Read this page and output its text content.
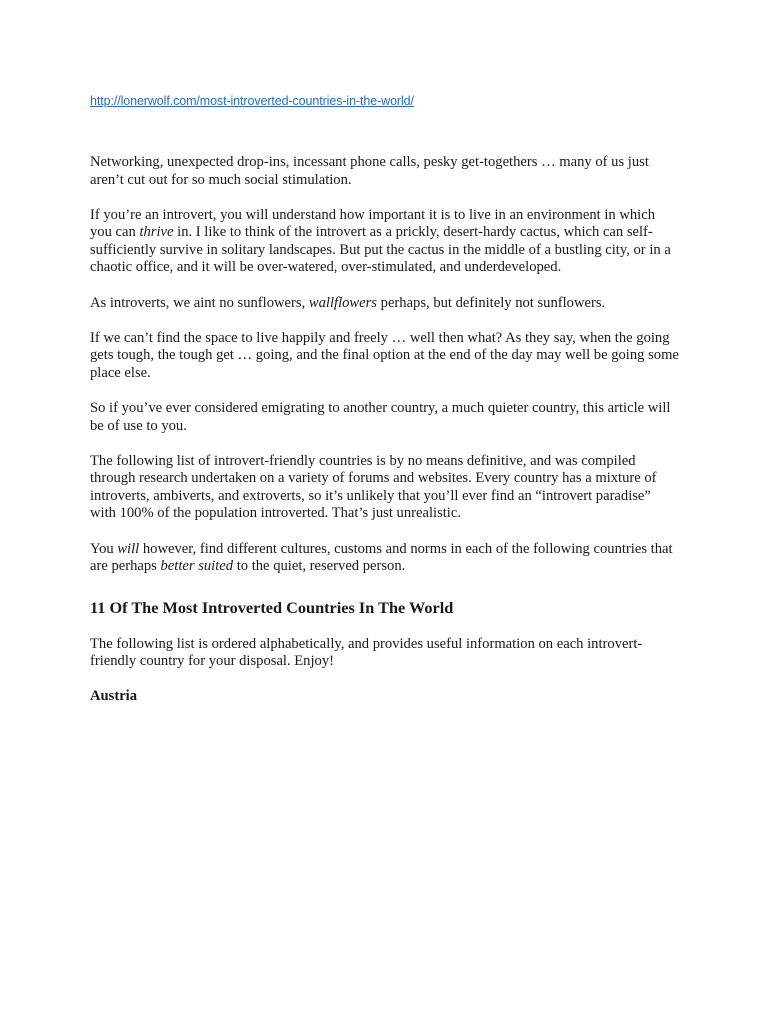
http://lonerwolf.com/most-introverted-countries-in-the-world/

Networking, unexpected drop-ins, incessant phone calls, pesky get-togethers … many of us just aren’t cut out for so much social stimulation.

If you’re an introvert, you will understand how important it is to live in an environment in which you can thrive in. I like to think of the introvert as a prickly, desert-hardy cactus, which can self-sufficiently survive in solitary landscapes. But put the cactus in the middle of a bustling city, or in a chaotic office, and it will be over-watered, over-stimulated, and underdeveloped.

As introverts, we aint no sunflowers, wallflowers perhaps, but definitely not sunflowers.

If we can’t find the space to live happily and freely … well then what? As they say, when the going gets tough, the tough get … going, and the final option at the end of the day may well be going some place else.

So if you’ve ever considered emigrating to another country, a much quieter country, this article will be of use to you.

The following list of introvert-friendly countries is by no means definitive, and was compiled through research undertaken on a variety of forums and websites. Every country has a mixture of introverts, ambiverts, and extroverts, so it’s unlikely that you’ll ever find an “introvert paradise” with 100% of the population introverted. That’s just unrealistic.

You will however, find different cultures, customs and norms in each of the following countries that are perhaps better suited to the quiet, reserved person.

11 Of The Most Introverted Countries In The World

The following list is ordered alphabetically, and provides useful information on each introvert-friendly country for your disposal. Enjoy!

Austria
